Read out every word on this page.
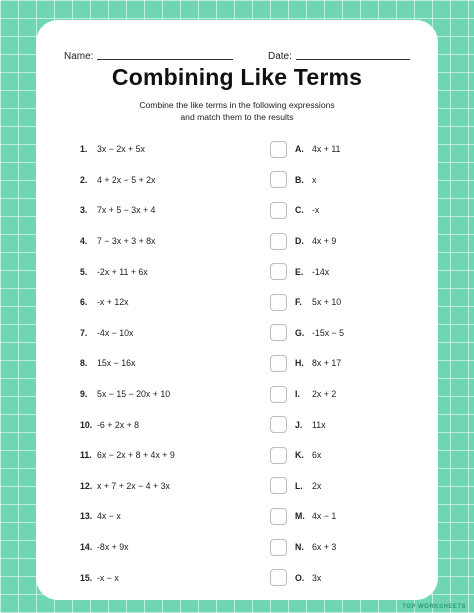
Name:	Date:
Combining Like Terms
Combine the like terms in the following expressions
and match them to the results
1.	3x − 2x + 5x
2.	4 + 2x − 5 + 2x
3.	7x + 5 − 3x + 4
4.	7 − 3x + 3 + 8x
5.	-2x + 11 + 6x
6.	-x + 12x
7.	-4x − 10x
8.	15x − 16x
9.	5x − 15 − 20x + 10
10. -6 + 2x + 8
11. 6x − 2x + 8 + 4x + 9
12. x + 7 + 2x − 4 + 3x
13. 4x − x
14. -8x + 9x
15. -x − x
A. 4x + 11
B. x
C. -x
D. 4x + 9
E. -14x
F.	5x + 10
G. -15x − 5
H. 8x + 17
I.	2x + 2
J.	11x
K. 6x
L.	2x
M. 4x − 1
N. 6x + 3
O. 3x
TOP WORKSHEETS
